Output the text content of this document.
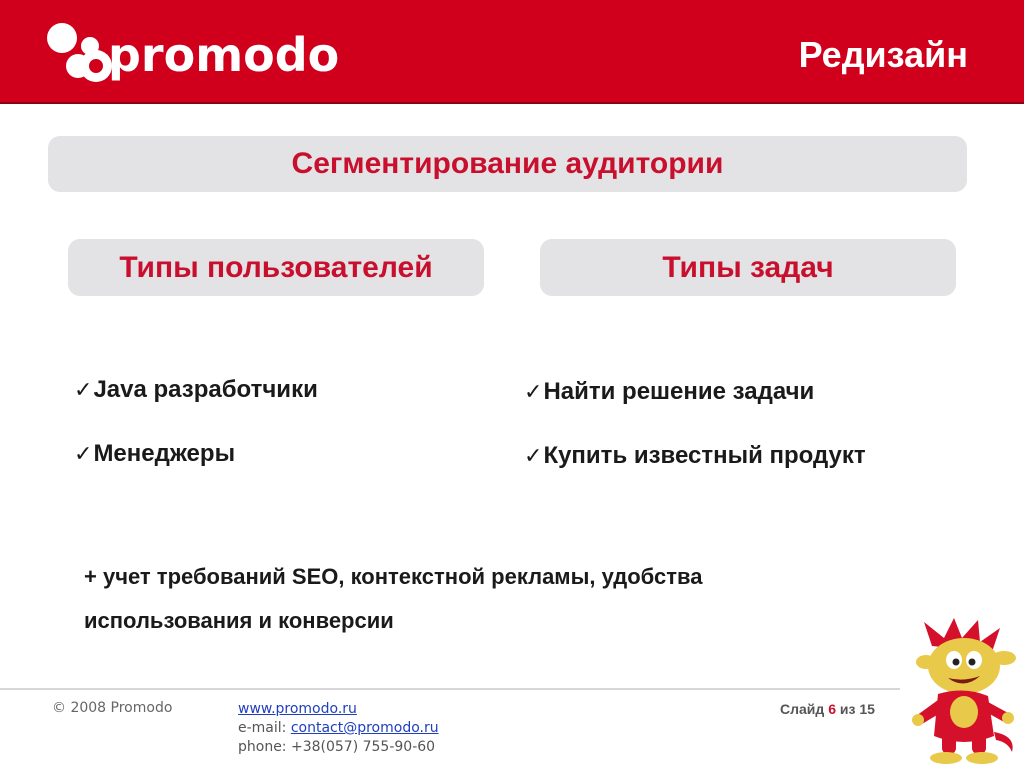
promodo	Редизайн
Сегментирование аудитории
Типы пользователей	Типы задач
✓ Java разработчики
✓ Менеджеры
✓ Найти решение задачи
✓ Купить известный продукт
+ учет требований SEO, контекстной рекламы, удобства
использования и конверсии
© 2008 Promodo	www.promodo.ru
e-mail: contact@promodo.ru
phone: +38(057) 755-90-60
Слайд 6 из 15
